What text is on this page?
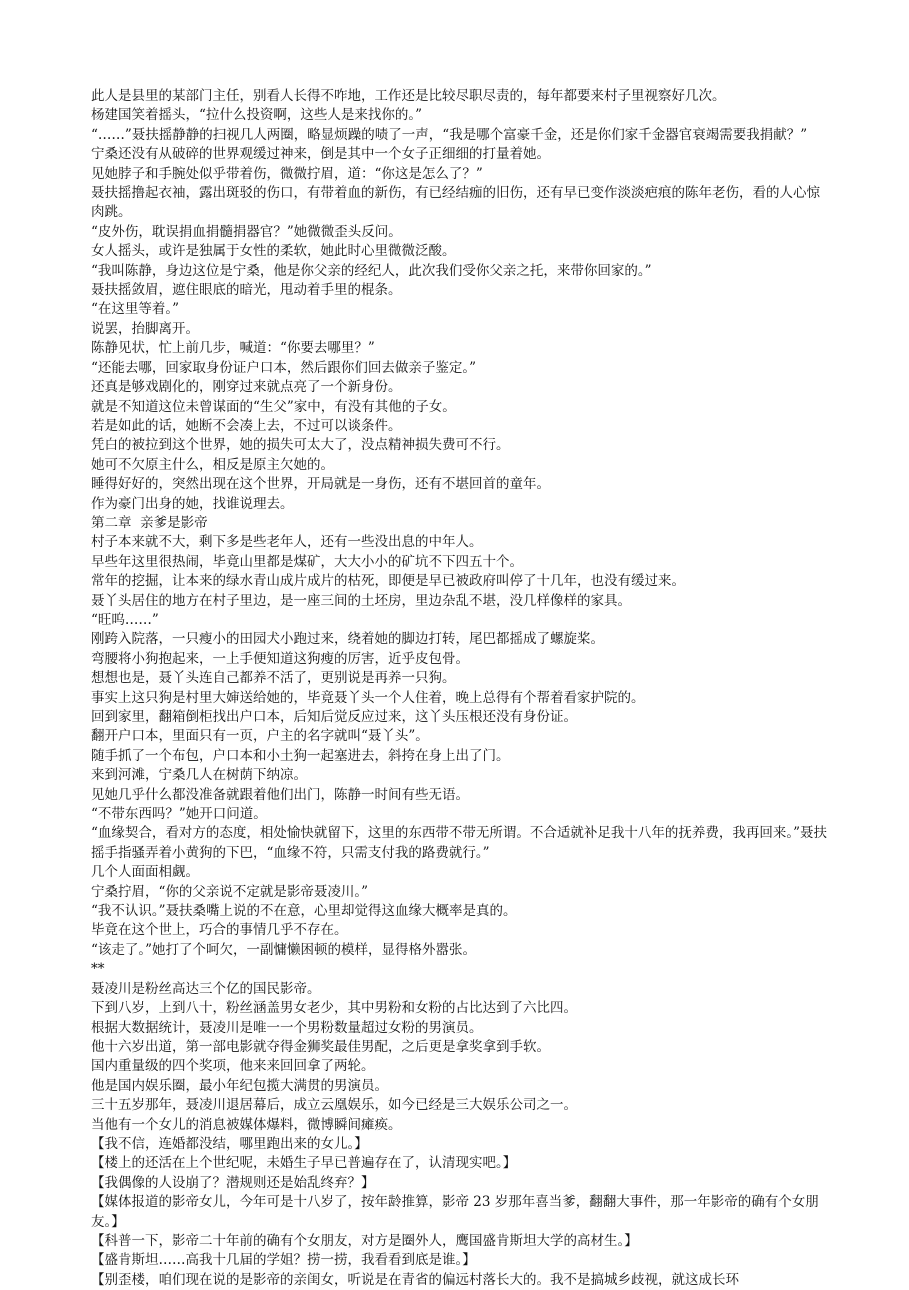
此人是县里的某部门主任，别看人长得不咋地，工作还是比较尽职尽责的，每年都要来村子里视察好几次。
杨建国笑着摇头，“拉什么投资啊，这些人是来找你的。”
“……”聂扶摇静静的扫视几人两圈，略显烦躁的啧了一声，“我是哪个富豪千金，还是你们家千金器官衰竭需要我捐献？”
宁桑还没有从破碎的世界观缓过神来，倒是其中一个女子正细细的打量着她。
见她脖子和手腕处似乎带着伤，微微拧眉，道：“你这是怎么了？”
聂扶摇撸起衣袖，露出斑驳的伤口，有带着血的新伤，有已经结痂的旧伤，还有早已变作淡淡疤痕的陈年老伤，看的人心惊肉跳。
“皮外伤，耽误捐血捐髓捐器官？”她微微歪头反问。
女人摇头，或许是独属于女性的柔软，她此时心里微微泛酸。
“我叫陈静，身边这位是宁桑，他是你父亲的经纪人，此次我们受你父亲之托，来带你回家的。”
聂扶摇敛眉，遮住眼底的暗光，甩动着手里的棍条。
“在这里等着。”
说罢，抬脚离开。
陈静见状，忙上前几步，喊道：“你要去哪里？”
“还能去哪，回家取身份证户口本，然后跟你们回去做亲子鉴定。”
还真是够戏剧化的，刚穿过来就点亮了一个新身份。
就是不知道这位未曾谋面的“生父”家中，有没有其他的子女。
若是如此的话，她断不会凑上去，不过可以谈条件。
凭白的被拉到这个世界，她的损失可太大了，没点精神损失费可不行。
她可不欠原主什么，相反是原主欠她的。
睡得好好的，突然出现在这个世界，开局就是一身伤，还有不堪回首的童年。
作为豪门出身的她，找谁说理去。
第二章  亲爹是影帝
村子本来就不大，剩下多是些老年人，还有一些没出息的中年人。
早些年这里很热闹，毕竟山里都是煤矿，大大小小的矿坑不下四五十个。
常年的挖掘，让本来的绿水青山成片成片的枯死，即便是早已被政府叫停了十几年，也没有缓过来。
聂丫头居住的地方在村子里边，是一座三间的土坯房，里边杂乱不堪，没几样像样的家具。
“旺呜……”
刚跨入院落，一只瘦小的田园犬小跑过来，绕着她的脚边打转，尾巴都摇成了螺旋桨。
弯腰将小狗抱起来，一上手便知道这狗瘦的厉害，近乎皮包骨。
想想也是，聂丫头连自己都养不活了，更别说是再养一只狗。
事实上这只狗是村里大婶送给她的，毕竟聂丫头一个人住着，晚上总得有个帮着看家护院的。
回到家里，翻箱倒柜找出户口本，后知后觉反应过来，这丫头压根还没有身份证。
翻开户口本，里面只有一页，户主的名字就叫“聂丫头”。
随手抓了一个布包，户口本和小土狗一起塞进去，斜挎在身上出了门。
来到河滩，宁桑几人在树荫下纳凉。
见她几乎什么都没准备就跟着他们出门，陈静一时间有些无语。
“不带东西吗？”她开口问道。
“血缘契合，看对方的态度，相处愉快就留下，这里的东西带不带无所谓。不合适就补足我十八年的抚养费，我再回来。”聂扶摇手指骚弄着小黄狗的下巴，“血缘不符，只需支付我的路费就行。”
几个人面面相觑。
宁桑拧眉，“你的父亲说不定就是影帝聂凌川。”
“我不认识。”聂扶桑嘴上说的不在意，心里却觉得这血缘大概率是真的。
毕竟在这个世上，巧合的事情几乎不存在。
“该走了。”她打了个呵欠，一副慵懒困顿的模样，显得格外嚣张。
**
聂凌川是粉丝高达三个亿的国民影帝。
下到八岁，上到八十，粉丝涵盖男女老少，其中男粉和女粉的占比达到了六比四。
根据大数据统计，聂凌川是唯一一个男粉数量超过女粉的男演员。
他十六岁出道，第一部电影就夺得金狮奖最佳男配，之后更是拿奖拿到手软。
国内重量级的四个奖项，他来来回回拿了两轮。
他是国内娱乐圈，最小年纪包揽大满贯的男演员。
三十五岁那年，聂凌川退居幕后，成立云凰娱乐，如今已经是三大娱乐公司之一。
当他有一个女儿的消息被媒体爆料，微博瞬间瘫痪。
【我不信，连婚都没结，哪里跑出来的女儿。】
【楼上的还活在上个世纪呢，未婚生子早已普遍存在了，认清现实吧。】
【我偶像的人设崩了？潜规则还是始乱终弃？】
【媒体报道的影帝女儿，今年可是十八岁了，按年龄推算，影帝 23 岁那年喜当爹，翻翻大事件，那一年影帝的确有个女朋友。】
【科普一下，影帝二十年前的确有个女朋友，对方是圈外人，鹰国盛肯斯坦大学的高材生。】
【盛肯斯坦……高我十几届的学姐？捞一捞，我看看到底是谁。】
【别歪楼，咱们现在说的是影帝的亲闺女，听说是在青省的偏远村落长大的。我不是搞城乡歧视，就这成长环
